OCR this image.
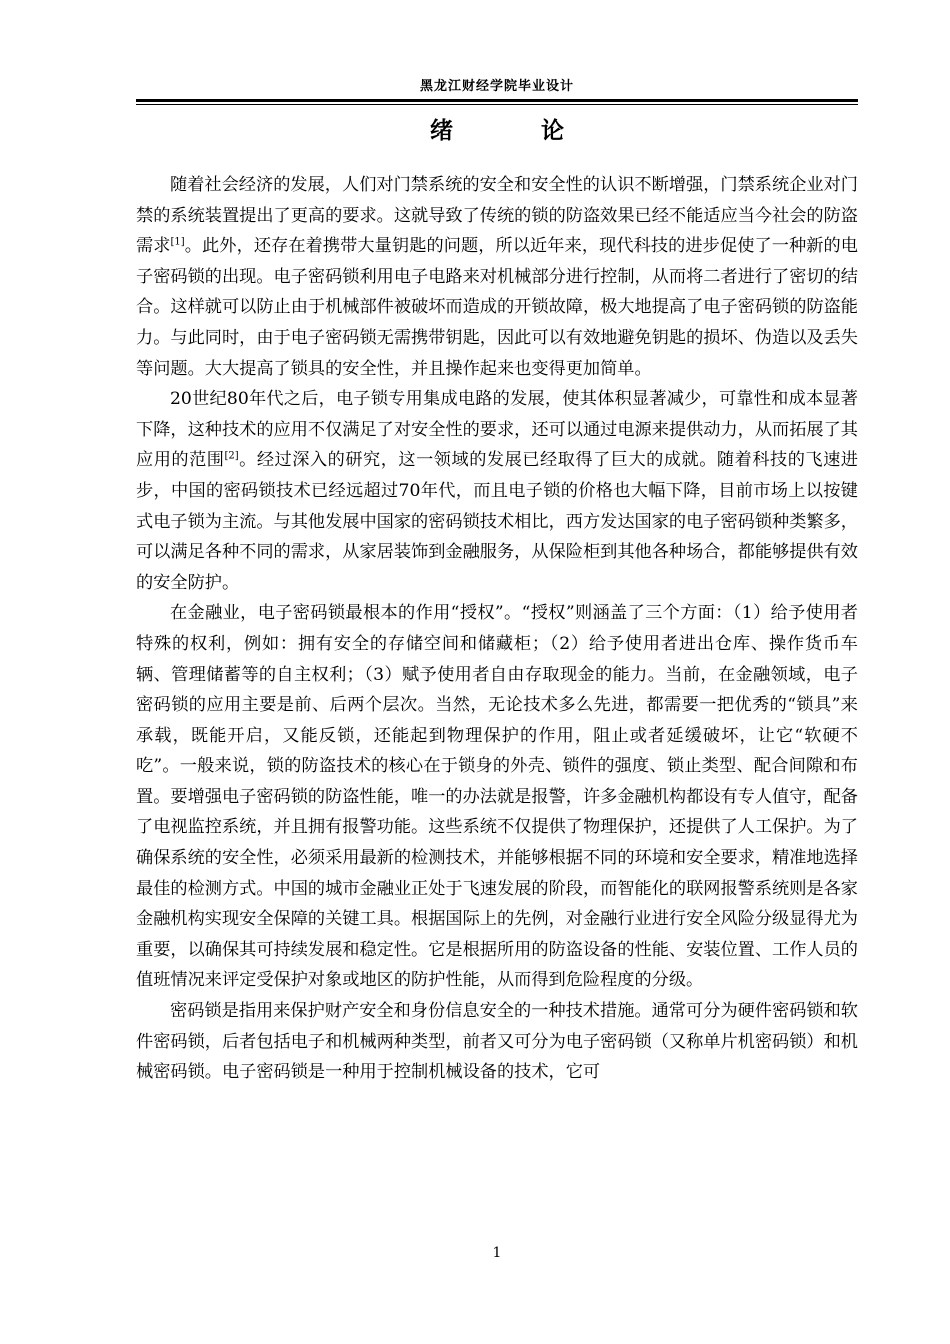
黑龙江财经学院毕业设计
绪 论

随着社会经济的发展，人们对门禁系统的安全和安全性的认识不断增强，门禁系统企业对门禁的系统装置提出了更高的要求。这就导致了传统的锁的防盗效果已经不能适应当今社会的防盗需求[1]。此外，还存在着携带大量钥匙的问题，所以近年来，现代科技的进步促使了一种新的电子密码锁的出现。电子密码锁利用电子电路来对机械部分进行控制，从而将二者进行了密切的结合。这样就可以防止由于机械部件被破坏而造成的开锁故障，极大地提高了电子密码锁的防盗能力。与此同时，由于电子密码锁无需携带钥匙，因此可以有效地避免钥匙的损坏、伪造以及丢失等问题。大大提高了锁具的安全性，并且操作起来也变得更加简单。

20世纪80年代之后，电子锁专用集成电路的发展，使其体积显著减少，可靠性和成本显著下降，这种技术的应用不仅满足了对安全性的要求，还可以通过电源来提供动力，从而拓展了其应用的范围[2]。经过深入的研究，这一领域的发展已经取得了巨大的成就。随着科技的飞速进步，中国的密码锁技术已经远超过70年代，而且电子锁的价格也大幅下降，目前市场上以按键式电子锁为主流。与其他发展中国家的密码锁技术相比，西方发达国家的电子密码锁种类繁多，可以满足各种不同的需求，从家居装饰到金融服务，从保险柜到其他各种场合，都能够提供有效的安全防护。

在金融业，电子密码锁最根本的作用“授权”。“授权”则涵盖了三个方面：（1）给予使用者特殊的权利，例如：拥有安全的存储空间和储藏柜；（2）给予使用者进出仓库、操作货币车辆、管理储蓄等的自主权利；（3）赋予使用者自由存取现金的能力。当前，在金融领域，电子密码锁的应用主要是前、后两个层次。当然，无论技术多么先进，都需要一把优秀的“锁具”来承载，既能开启，又能反锁，还能起到物理保护的作用，阻止或者延缓破坏，让它“软硬不吃”。一般来说，锁的防盗技术的核心在于锁身的外壳、锁件的强度、锁止类型、配合间隙和布置。要增强电子密码锁的防盗性能，唯一的办法就是报警，许多金融机构都设有专人值守，配备了电视监控系统，并且拥有报警功能。这些系统不仅提供了物理保护，还提供了人工保护。为了确保系统的安全性，必须采用最新的检测技术，并能够根据不同的环境和安全要求，精准地选择最佳的检测方式。中国的城市金融业正处于飞速发展的阶段，而智能化的联网报警系统则是各家金融机构实现安全保障的关键工具。根据国际上的先例，对金融行业进行安全风险分级显得尤为重要，以确保其可持续发展和稳定性。它是根据所用的防盗设备的性能、安装位置、工作人员的值班情况来评定受保护对象或地区的防护性能，从而得到危险程度的分级。

密码锁是指用来保护财产安全和身份信息安全的一种技术措施。通常可分为硬件密码锁和软件密码锁，后者包括电子和机械两种类型，前者又可分为电子密码锁（又称单片机密码锁）和机械密码锁。电子密码锁是一种用于控制机械设备的技术，它可

1
